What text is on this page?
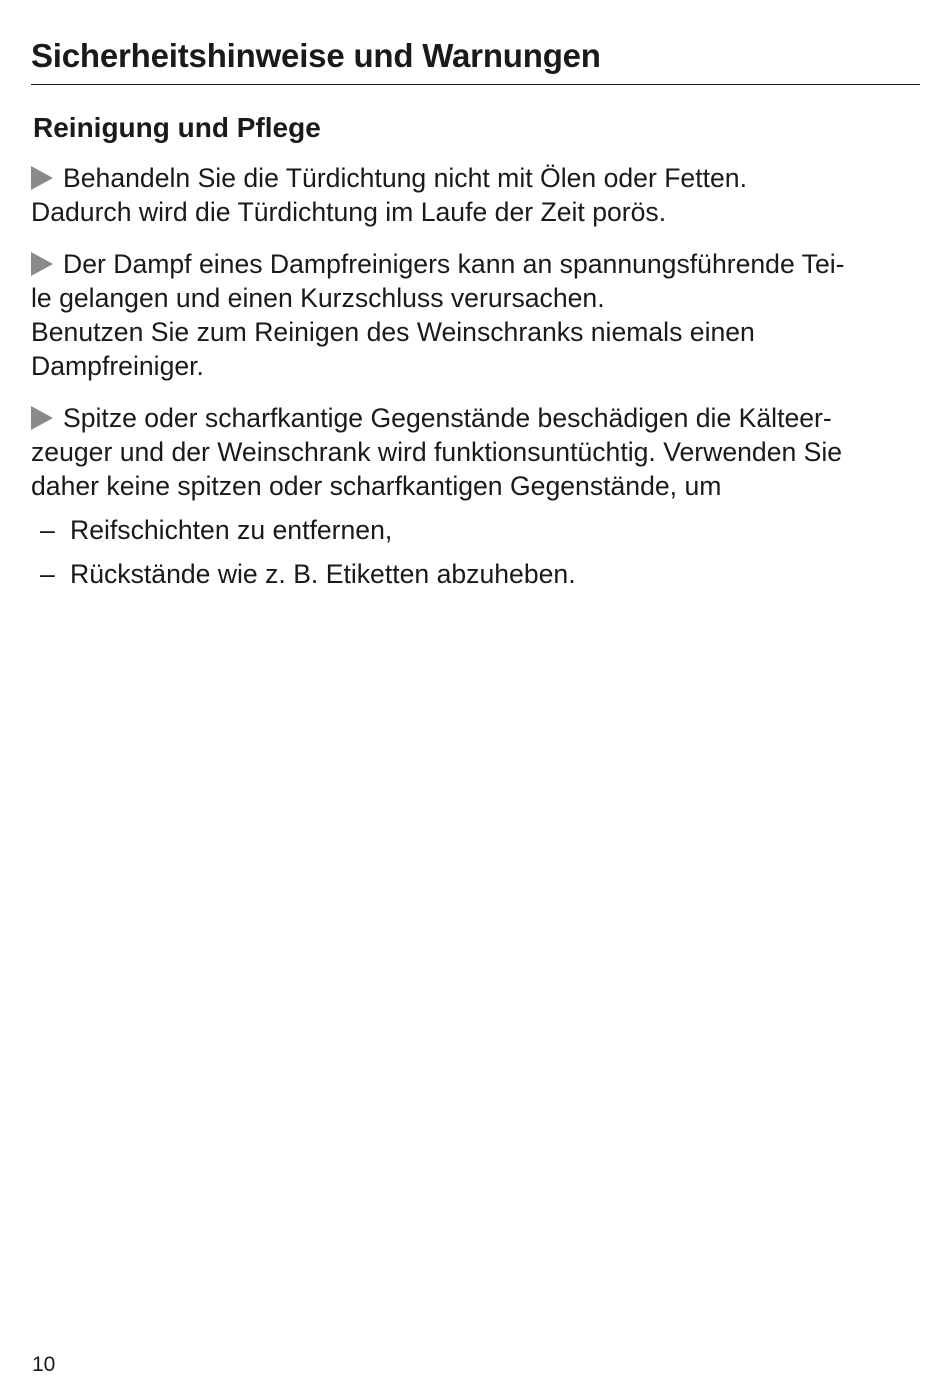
Sicherheitshinweise und Warnungen
Reinigung und Pflege

Behandeln Sie die Türdichtung nicht mit Ölen oder Fetten.

Dadurch wird die Türdichtung im Laufe der Zeit porös.

Der Dampf eines Dampfreinigers kann an spannungsführende Tei-

le gelangen und einen Kurzschluss verursachen.

Benutzen Sie zum Reinigen des Weinschranks niemals einen

Dampfreiniger.

Spitze oder scharfkantige Gegenstände beschädigen die Kälteer-

zeuger und der Weinschrank wird funktionsuntüchtig. Verwenden Sie

daher keine spitzen oder scharfkantigen Gegenstände, um

– Reifschichten zu entfernen,
– Rückstände wie z. B. Etiketten abzuheben.
10
